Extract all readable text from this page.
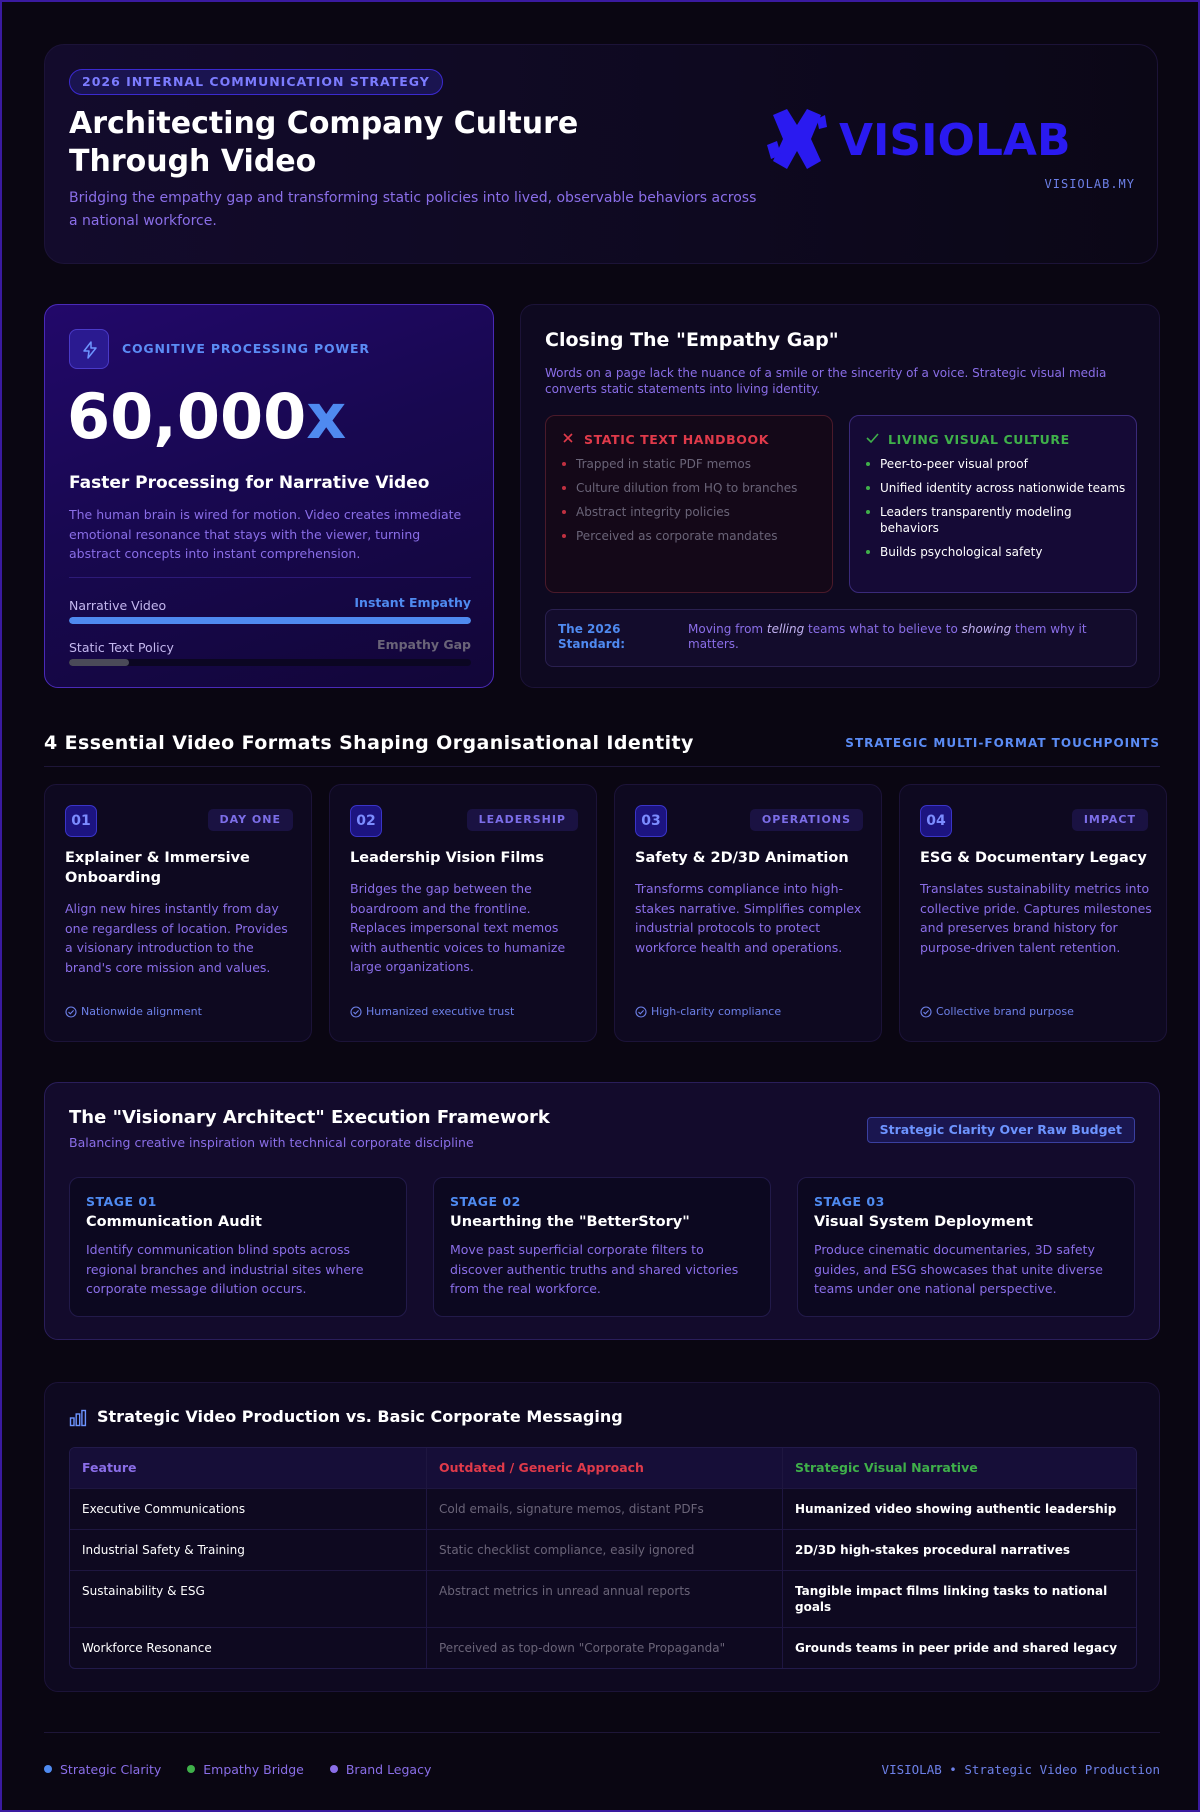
2026 INTERNAL COMMUNICATION STRATEGY
Architecting Company Culture Through Video

Bridging the empathy gap and transforming static policies into lived, observable behaviors across a national workforce.

VISIOLAB
VISIOLAB.MY
COGNITIVE PROCESSING POWER
60,000x
Faster Processing for Narrative Video

The human brain is wired for motion. Video creates immediate emotional resonance that stays with the viewer, turning abstract concepts into instant comprehension.

Narrative Video	Instant Empathy
Static Text Policy	Empathy Gap
Closing The "Empathy Gap"

Words on a page lack the nuance of a smile or the sincerity of a voice. Strategic visual media converts static statements into living identity.

STATIC TEXT HANDBOOK
Trapped in static PDF memos
Culture dilution from HQ to branches
Abstract integrity policies
Perceived as corporate mandates
LIVING VISUAL CULTURE
Peer-to-peer visual proof
Unified identity across nationwide teams
Leaders transparently modeling behaviors
Builds psychological safety
The 2026 Standard:
Moving from telling teams what to believe to showing them why it matters.
4 Essential Video Formats Shaping Organisational Identity	STRATEGIC MULTI-FORMAT TOUCHPOINTS
01	DAY ONE
Explainer & Immersive Onboarding

Align new hires instantly from day one regardless of location. Provides a visionary introduction to the brand's core mission and values.

Nationwide alignment
02	LEADERSHIP
Leadership Vision Films

Bridges the gap between the boardroom and the frontline. Replaces impersonal text memos with authentic voices to humanize large organizations.

Humanized executive trust
03	OPERATIONS
Safety & 2D/3D Animation

Transforms compliance into high-stakes narrative. Simplifies complex industrial protocols to protect workforce health and operations.

High-clarity compliance
04	IMPACT
ESG & Documentary Legacy

Translates sustainability metrics into collective pride. Captures milestones and preserves brand history for purpose-driven talent retention.

Collective brand purpose
The "Visionary Architect" Execution Framework
Balancing creative inspiration with technical corporate discipline
Strategic Clarity Over Raw Budget
STAGE 01
Communication Audit

Identify communication blind spots across regional branches and industrial sites where corporate message dilution occurs.

STAGE 02
Unearthing the "BetterStory"

Move past superficial corporate filters to discover authentic truths and shared victories from the real workforce.

STAGE 03
Visual System Deployment

Produce cinematic documentaries, 3D safety guides, and ESG showcases that unite diverse teams under one national perspective.

Strategic Video Production vs. Basic Corporate Messaging
Feature	Outdated / Generic Approach	Strategic Visual Narrative
Executive Communications	Cold emails, signature memos, distant PDFs	Humanized video showing authentic leadership
Industrial Safety & Training	Static checklist compliance, easily ignored	2D/3D high-stakes procedural narratives
Sustainability & ESG	Abstract metrics in unread annual reports	Tangible impact films linking tasks to national goals
Workforce Resonance	Perceived as top-down "Corporate Propaganda"	Grounds teams in peer pride and shared legacy
Strategic Clarity	Empathy Bridge	Brand Legacy	VISIOLAB • Strategic Video Production
